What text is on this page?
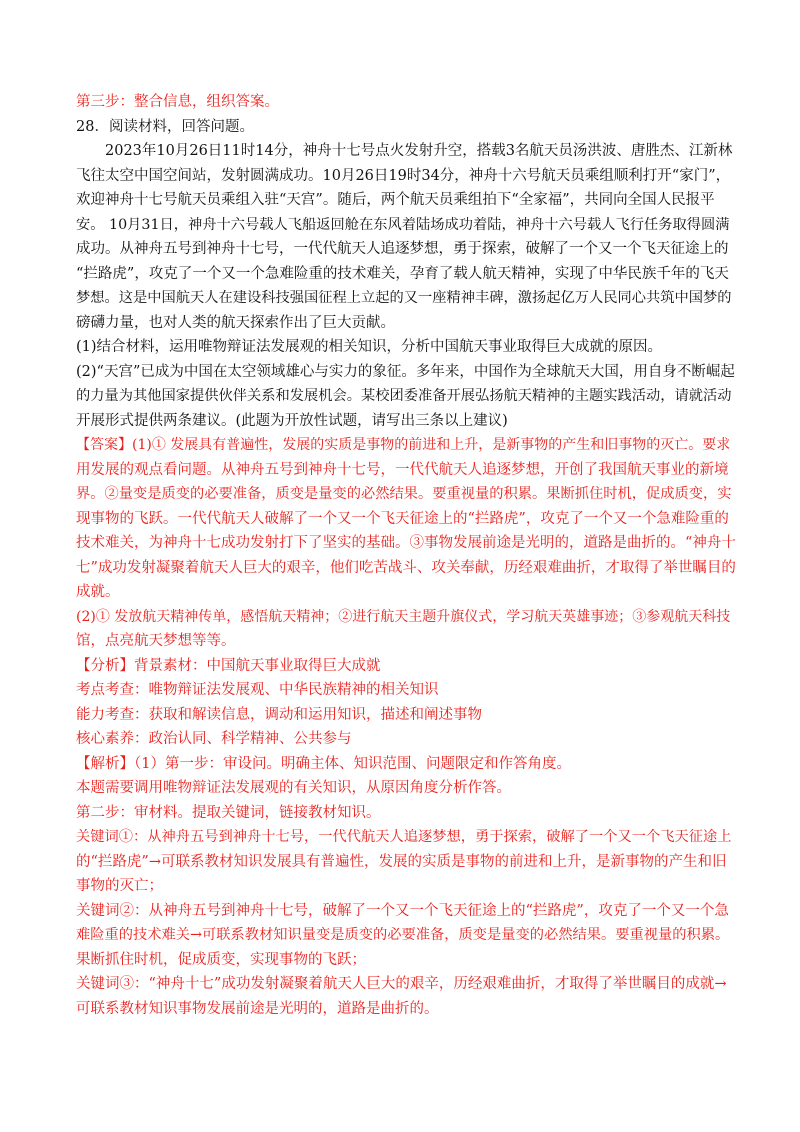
第三步：整合信息，组织答案。
28．阅读材料，回答问题。
2023年10月26日11时14分，神舟十七号点火发射升空，搭载3名航天员汤洪波、唐胜杰、江新林
飞往太空中国空间站，发射圆满成功。10月26日19时34分，神舟十六号航天员乘组顺利打开“家门”，
欢迎神舟十七号航天员乘组入驻“天宫”。随后，两个航天员乘组拍下“全家福”，共同向全国人民报平
安。 10月31日，神舟十六号载人飞船返回舱在东风着陆场成功着陆，神舟十六号载人飞行任务取得圆满
成功。从神舟五号到神舟十七号，一代代航天人追逐梦想，勇于探索，破解了一个又一个飞天征途上的
“拦路虎”，攻克了一个又一个急难险重的技术难关，孕育了载人航天精神，实现了中华民族千年的飞天
梦想。这是中国航天人在建设科技强国征程上立起的又一座精神丰碑，激扬起亿万人民同心共筑中国梦的
磅礴力量，也对人类的航天探索作出了巨大贡献。
(1)结合材料，运用唯物辩证法发展观的相关知识，分析中国航天事业取得巨大成就的原因。
(2)“天宫”已成为中国在太空领域雄心与实力的象征。多年来，中国作为全球航天大国，用自身不断崛起
的力量为其他国家提供伙伴关系和发展机会。某校团委准备开展弘扬航天精神的主题实践活动，请就活动
开展形式提供两条建议。(此题为开放性试题，请写出三条以上建议)
【答案】(1)① 发展具有普遍性，发展的实质是事物的前进和上升，是新事物的产生和旧事物的灭亡。要求
用发展的观点看问题。从神舟五号到神舟十七号，一代代航天人追逐梦想，开创了我国航天事业的新境
界。②量变是质变的必要准备，质变是量变的必然结果。要重视量的积累。果断抓住时机，促成质变，实
现事物的飞跃。一代代航天人破解了一个又一个飞天征途上的“拦路虎”，攻克了一个又一个急难险重的
技术难关，为神舟十七成功发射打下了坚实的基础。③事物发展前途是光明的，道路是曲折的。“神舟十
七”成功发射凝聚着航天人巨大的艰辛，他们吃苦战斗、攻关奉献，历经艰难曲折，才取得了举世瞩目的
成就。
(2)① 发放航天精神传单，感悟航天精神；②进行航天主题升旗仪式，学习航天英雄事迹；③参观航天科技
馆，点亮航天梦想等等。
【分析】背景素材：中国航天事业取得巨大成就
考点考查：唯物辩证法发展观、中华民族精神的相关知识
能力考查：获取和解读信息，调动和运用知识，描述和阐述事物
核心素养：政治认同、科学精神、公共参与
【解析】（1）第一步：审设问。明确主体、知识范围、问题限定和作答角度。
本题需要调用唯物辩证法发展观的有关知识，从原因角度分析作答。
第二步：审材料。提取关键词，链接教材知识。
关键词①：从神舟五号到神舟十七号，一代代航天人追逐梦想，勇于探索，破解了一个又一个飞天征途上
的“拦路虎”→可联系教材知识发展具有普遍性，发展的实质是事物的前进和上升，是新事物的产生和旧
事物的灭亡；
关键词②：从神舟五号到神舟十七号，破解了一个又一个飞天征途上的“拦路虎”，攻克了一个又一个急
难险重的技术难关→可联系教材知识量变是质变的必要准备，质变是量变的必然结果。要重视量的积累。
果断抓住时机，促成质变，实现事物的飞跃；
关键词③：“神舟十七”成功发射凝聚着航天人巨大的艰辛，历经艰难曲折，才取得了举世瞩目的成就→
可联系教材知识事物发展前途是光明的，道路是曲折的。
